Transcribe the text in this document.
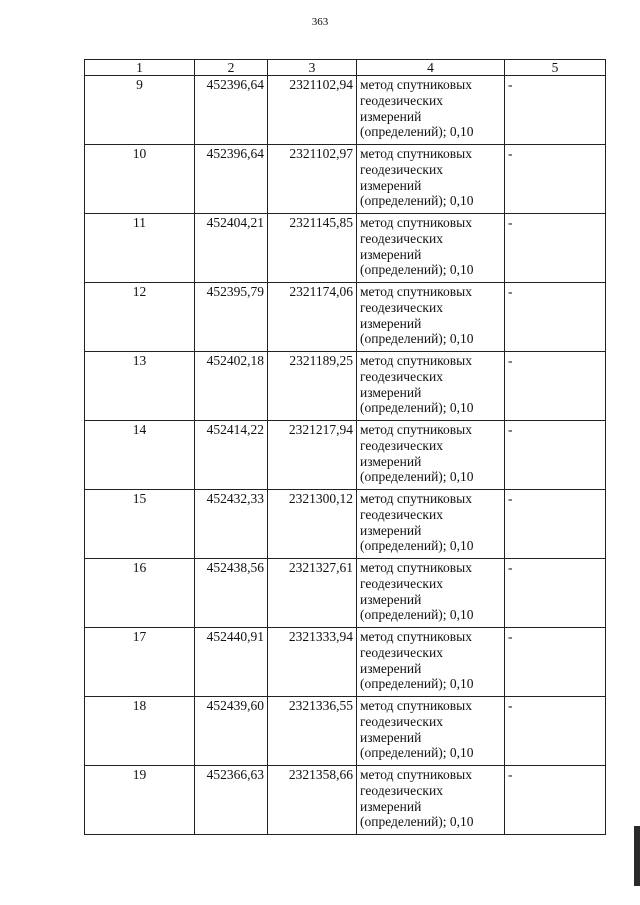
363
1	2	3	4	5
9	452396,64	2321102,94	метод спутниковых
геодезических
измерений
(определений); 0,10	-
10	452396,64	2321102,97	метод спутниковых
геодезических
измерений
(определений); 0,10	-
11	452404,21	2321145,85	метод спутниковых
геодезических
измерений
(определений); 0,10	-
12	452395,79	2321174,06	метод спутниковых
геодезических
измерений
(определений); 0,10	-
13	452402,18	2321189,25	метод спутниковых
геодезических
измерений
(определений); 0,10	-
14	452414,22	2321217,94	метод спутниковых
геодезических
измерений
(определений); 0,10	-
15	452432,33	2321300,12	метод спутниковых
геодезических
измерений
(определений); 0,10	-
16	452438,56	2321327,61	метод спутниковых
геодезических
измерений
(определений); 0,10	-
17	452440,91	2321333,94	метод спутниковых
геодезических
измерений
(определений); 0,10	-
18	452439,60	2321336,55	метод спутниковых
геодезических
измерений
(определений); 0,10	-
19	452366,63	2321358,66	метод спутниковых
геодезических
измерений
(определений); 0,10	-
